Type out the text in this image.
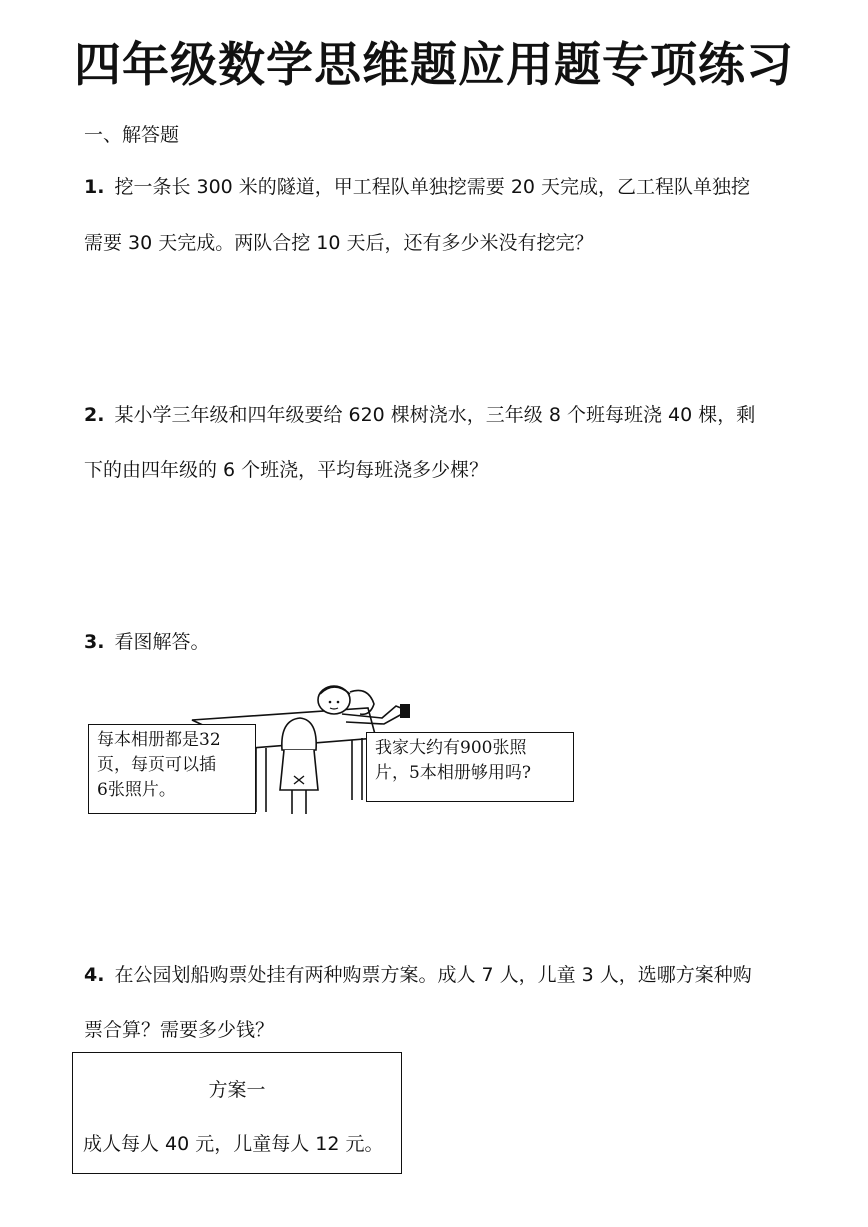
四年级数学思维题应用题专项练习
一、解答题
1. 挖一条长 300 米的隧道，甲工程队单独挖需要 20 天完成，乙工程队单独挖
需要 30 天完成。两队合挖 10 天后，还有多少米没有挖完？
2. 某小学三年级和四年级要给 620 棵树浇水，三年级 8 个班每班浇 40 棵，剩
下的由四年级的 6 个班浇，平均每班浇多少棵？
3. 看图解答。
每本相册都是32
页，每页可以插
6张照片。
我家大约有900张照
片，5本相册够用吗?
4. 在公园划船购票处挂有两种购票方案。成人 7 人，儿童 3 人，选哪方案种购
票合算？需要多少钱？
方案一
成人每人 40 元，儿童每人 12 元。
